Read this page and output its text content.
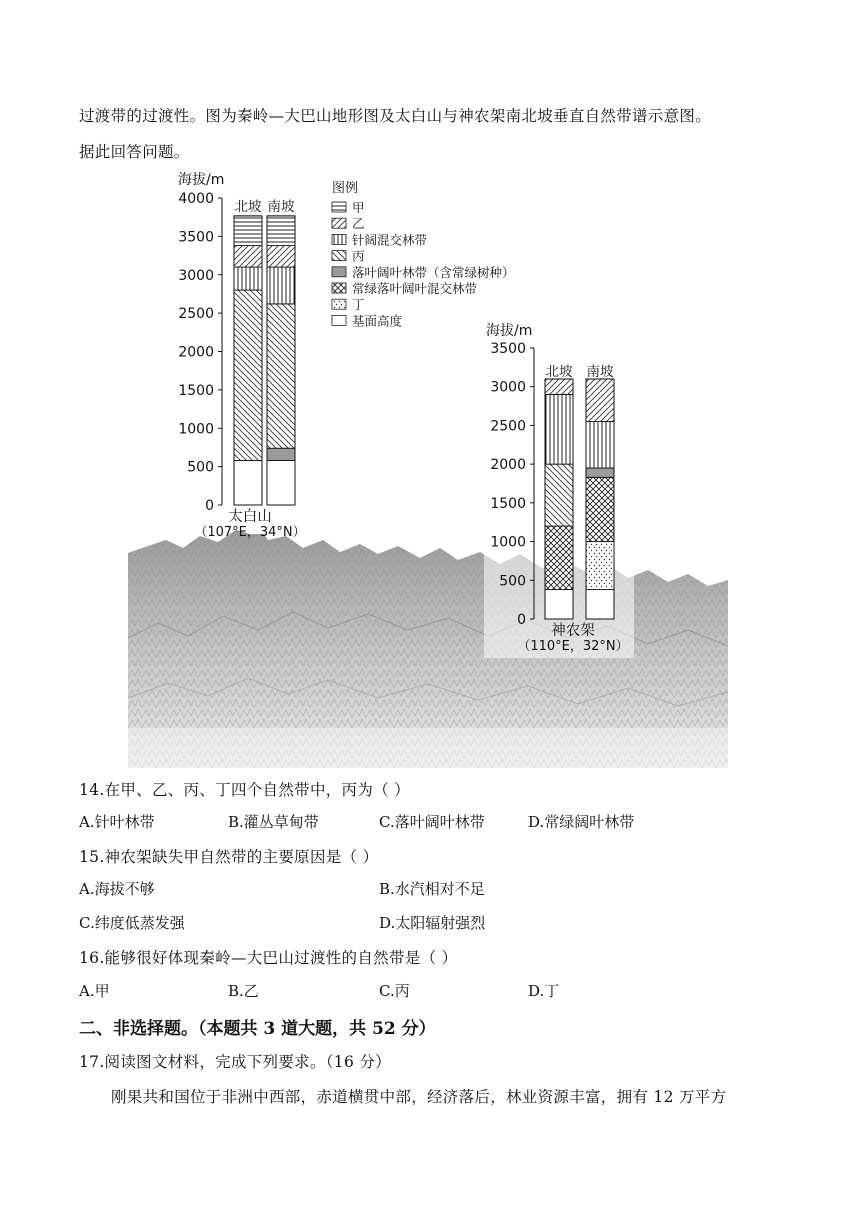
过渡带的过渡性。图为秦岭—大巴山地形图及太白山与神农架南北坡垂直自然带谱示意图。
据此回答问题。
图例
甲
乙
针阔混交林带
丙
落叶阔叶林带（含常绿树种）
常绿落叶阔叶混交林带
丁
基面高度
海拔/m
0
500
1000
1500
2000
2500
3000
3500
4000 北坡 南坡
太白山
（107°E，34°N）
海拔/m
0
500
1000
1500
2000
2500
3000
3500
北坡 南坡
神农架
（110°E，32°N）
14.在甲、乙、丙、丁四个自然带中，丙为（ ）
A.针叶林带	B.灌丛草甸带	C.落叶阔叶林带	D.常绿阔叶林带
15.神农架缺失甲自然带的主要原因是（ ）
A.海拔不够	B.水汽相对不足
C.纬度低蒸发强	D.太阳辐射强烈
16.能够很好体现秦岭—大巴山过渡性的自然带是（ ）
A.甲	B.乙	C.丙	D.丁
二、非选择题。（本题共 3 道大题，共 52 分）
17.阅读图文材料，完成下列要求。（16 分）
刚果共和国位于非洲中西部，赤道横贯中部，经济落后，林业资源丰富，拥有 12 万平方
